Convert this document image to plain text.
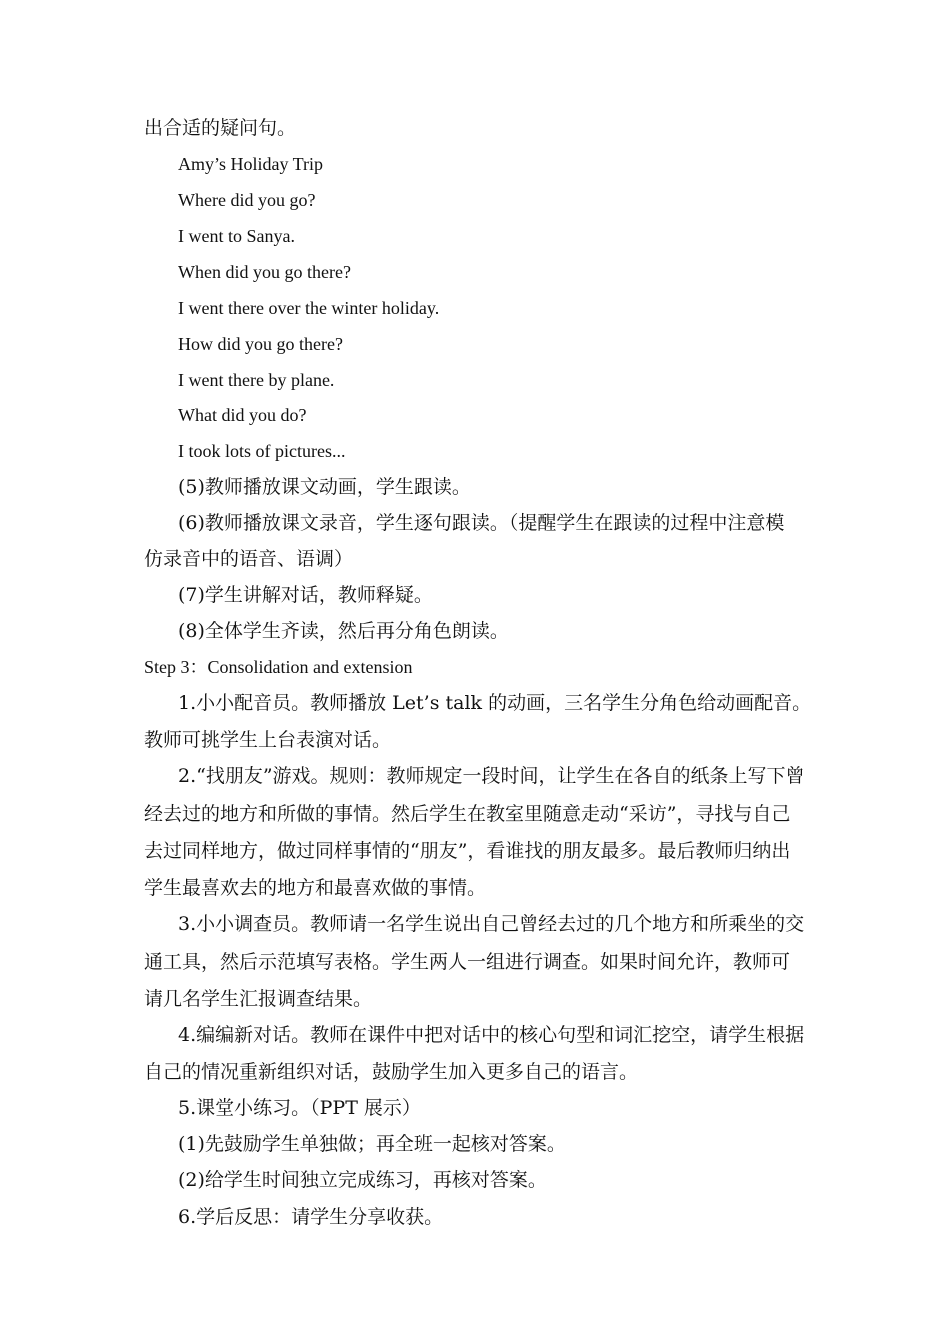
出合适的疑问句。
Amy’s Holiday Trip
Where did you go?
I went to Sanya.
When did you go there?
I went there over the winter holiday.
How did you go there?
I went there by plane.
What did you do?
I took lots of pictures...
(5)教师播放课文动画，学生跟读。
(6)教师播放课文录音，学生逐句跟读。（提醒学生在跟读的过程中注意模
仿录音中的语音、语调）
(7)学生讲解对话，教师释疑。
(8)全体学生齐读，然后再分角色朗读。
Step 3：Consolidation and extension
1.小小配音员。教师播放 Let’s talk 的动画，三名学生分角色给动画配音。
教师可挑学生上台表演对话。
2.“找朋友”游戏。规则：教师规定一段时间，让学生在各自的纸条上写下曾
经去过的地方和所做的事情。然后学生在教室里随意走动“采访”，寻找与自己
去过同样地方，做过同样事情的“朋友”，看谁找的朋友最多。最后教师归纳出
学生最喜欢去的地方和最喜欢做的事情。
3.小小调查员。教师请一名学生说出自己曾经去过的几个地方和所乘坐的交
通工具，然后示范填写表格。学生两人一组进行调查。如果时间允许，教师可
请几名学生汇报调查结果。
4.编编新对话。教师在课件中把对话中的核心句型和词汇挖空，请学生根据
自己的情况重新组织对话，鼓励学生加入更多自己的语言。
5.课堂小练习。（PPT 展示）
(1)先鼓励学生单独做；再全班一起核对答案。
(2)给学生时间独立完成练习，再核对答案。
6.学后反思：请学生分享收获。
